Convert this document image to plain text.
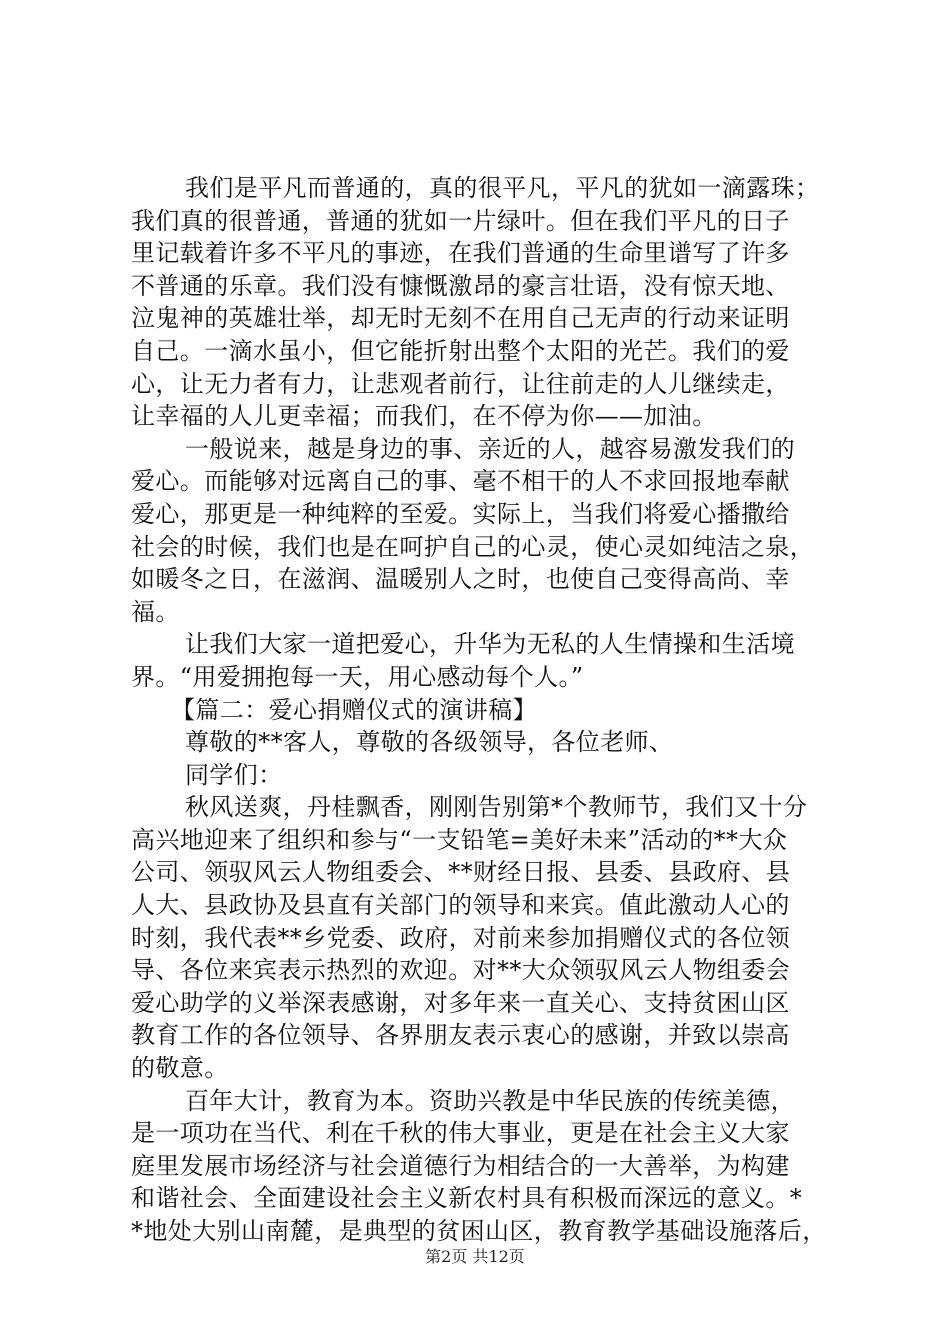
我们是平凡而普通的，真的很平凡，平凡的犹如一滴露珠；
我们真的很普通，普通的犹如一片绿叶。但在我们平凡的日子
里记载着许多不平凡的事迹，在我们普通的生命里谱写了许多
不普通的乐章。我们没有慷慨激昂的豪言壮语，没有惊天地、
泣鬼神的英雄壮举，却无时无刻不在用自己无声的行动来证明
自己。一滴水虽小，但它能折射出整个太阳的光芒。我们的爱
心，让无力者有力，让悲观者前行，让往前走的人儿继续走，
让幸福的人儿更幸福；而我们，在不停为你——加油。
一般说来，越是身边的事、亲近的人，越容易激发我们的
爱心。而能够对远离自己的事、毫不相干的人不求回报地奉献
爱心，那更是一种纯粹的至爱。实际上，当我们将爱心播撒给
社会的时候，我们也是在呵护自己的心灵，使心灵如纯洁之泉，
如暖冬之日，在滋润、温暖别人之时，也使自己变得高尚、幸
福。
让我们大家一道把爱心，升华为无私的人生情操和生活境
界。“用爱拥抱每一天，用心感动每个人。”
【篇二：爱心捐赠仪式的演讲稿】
尊敬的**客人，尊敬的各级领导，各位老师、
同学们：
秋风送爽，丹桂飘香，刚刚告别第*个教师节，我们又十分
高兴地迎来了组织和参与“一支铅笔=美好未来”活动的**大众
公司、领驭风云人物组委会、**财经日报、县委、县政府、县
人大、县政协及县直有关部门的领导和来宾。值此激动人心的
时刻，我代表**乡党委、政府，对前来参加捐赠仪式的各位领
导、各位来宾表示热烈的欢迎。对**大众领驭风云人物组委会
爱心助学的义举深表感谢，对多年来一直关心、支持贫困山区
教育工作的各位领导、各界朋友表示衷心的感谢，并致以崇高
的敬意。
百年大计，教育为本。资助兴教是中华民族的传统美德，
是一项功在当代、利在千秋的伟大事业，更是在社会主义大家
庭里发展市场经济与社会道德行为相结合的一大善举，为构建
和谐社会、全面建设社会主义新农村具有积极而深远的意义。*
*地处大别山南麓，是典型的贫困山区，教育教学基础设施落后，
第2页 共12页
